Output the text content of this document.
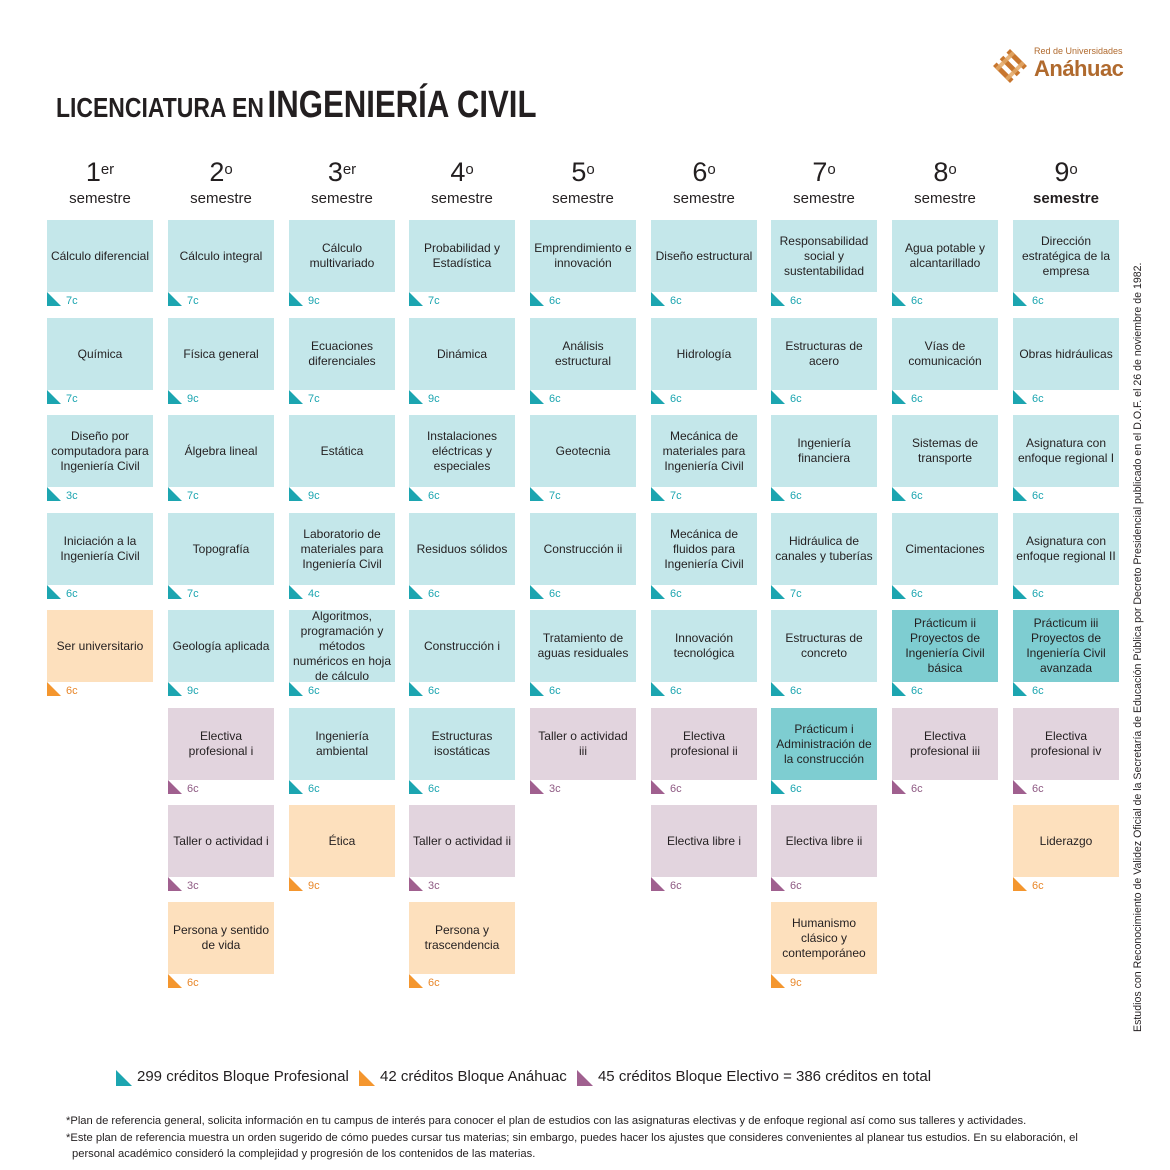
Red de Universidades
Anáhuac
LICENCIATURA EN INGENIERÍA CIVIL
1er
semestre
2$^o$
semestre
3er
semestre
4$^o$
semestre
5$^o$
semestre
6$^o$
semestre
7$^o$
semestre
8$^o$
semestre
9$^o$
semestre
Cálculo diferencial
7c
Química
7c
Diseño por computadora para Ingeniería Civil
3c
Iniciación a la Ingeniería Civil
6c
Ser universitario
6c
Cálculo integral
7c
Física general
9c
Álgebra lineal
7c
Topografía
7c
Geología aplicada
9c
Electiva profesional i
6c
Taller o actividad i
3c
Persona y sentido de vida
6c
Cálculo multivariado
9c
Ecuaciones diferenciales
7c
Estática
9c
Laboratorio de materiales para Ingeniería Civil
4c
Algoritmos, programación y métodos numéricos en hoja de cálculo
6c
Ingeniería ambiental
6c
Ética
9c
Probabilidad y Estadística
7c
Dinámica
9c
Instalaciones eléctricas y especiales
6c
Residuos sólidos
6c
Construcción i
6c
Estructuras isostáticas
6c
Taller o actividad ii
3c
Persona y trascendencia
6c
Emprendimiento e innovación
6c
Análisis estructural
6c
Geotecnia
7c
Construcción ii
6c
Tratamiento de aguas residuales
6c
Taller o actividad iii
3c
Diseño estructural
6c
Hidrología
6c
Mecánica de materiales para Ingeniería Civil
7c
Mecánica de fluidos para Ingeniería Civil
6c
Innovación tecnológica
6c
Electiva profesional ii
6c
Electiva libre i
6c
Responsabilidad social y sustentabilidad
6c
Estructuras de acero
6c
Ingeniería financiera
6c
Hidráulica de canales y tuberías
7c
Estructuras de concreto
6c
Prácticum i Administración de la construcción
6c
Electiva libre ii
6c
Humanismo clásico y contemporáneo
9c
Agua potable y alcantarillado
6c
Vías de comunicación
6c
Sistemas de transporte
6c
Cimentaciones
6c
Prácticum ii Proyectos de Ingeniería Civil básica
6c
Electiva profesional iii
6c
Dirección estratégica de la empresa
6c
Obras hidráulicas
6c
Asignatura con enfoque regional I
6c
Asignatura con enfoque regional II
6c
Prácticum iii Proyectos de Ingeniería Civil avanzada
6c
Electiva profesional iv
6c
Liderazgo
6c
299 créditos Bloque Profesional 42 créditos Bloque Anáhuac 45 créditos Bloque Electivo = 386 créditos en total
*Plan de referencia general, solicita información en tu campus de interés para conocer el plan de estudios con las asignaturas electivas y de enfoque regional así como sus talleres y actividades.
*Este plan de referencia muestra un orden sugerido de cómo puedes cursar tus materias; sin embargo, puedes hacer los ajustes que consideres convenientes al planear tus estudios. En su elaboración, el
personal académico consideró la complejidad y progresión de los contenidos de las materias.
Estudios con Reconocimiento de Validez Oficial de la Secretaría de Educación Pública por Decreto Presidencial publicado en el D.O.F. el 26 de noviembre de 1982.
